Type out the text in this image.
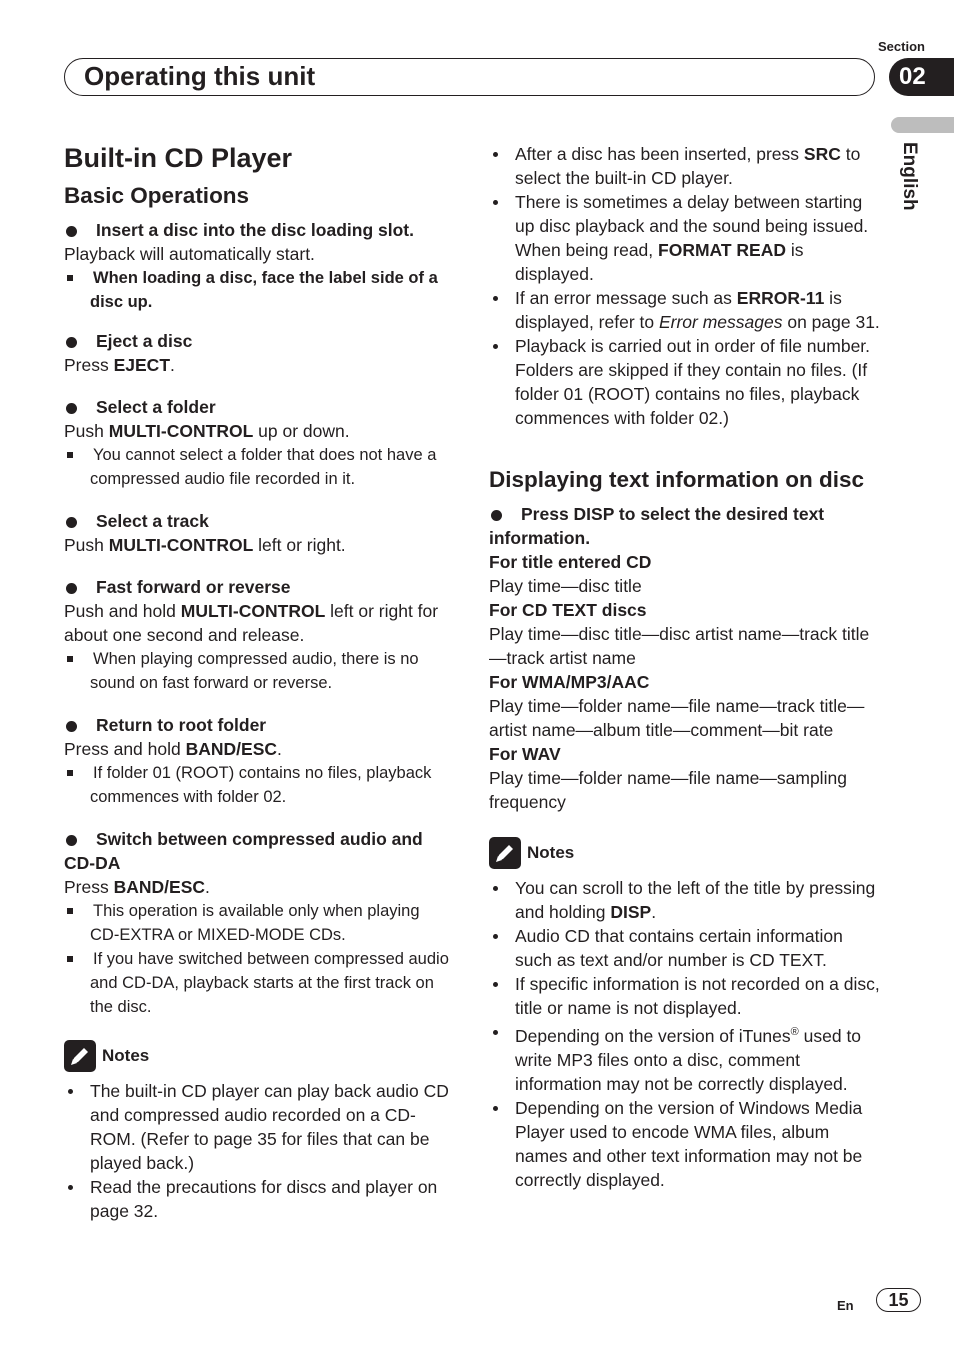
Section
02
Operating this unit
English
Built-in CD Player
Basic Operations

Insert a disc into the disc loading slot.

Playback will automatically start.

When loading a disc, face the label side of a disc up.

Eject a disc

Press EJECT.

Select a folder

Push MULTI-CONTROL up or down.

You cannot select a folder that does not have a compressed audio file recorded in it.

Select a track

Push MULTI-CONTROL left or right.

Fast forward or reverse

Push and hold MULTI-CONTROL left or right for about one second and release.

When playing compressed audio, there is no sound on fast forward or reverse.

Return to root folder

Press and hold BAND/ESC.

If folder 01 (ROOT) contains no files, playback commences with folder 02.

Switch between compressed audio and CD-DA

Press BAND/ESC.

This operation is available only when playing CD-EXTRA or MIXED-MODE CDs.

If you have switched between compressed audio and CD-DA, playback starts at the first track on the disc.

Notes
The built-in CD player can play back audio CD and compressed audio recorded on a CD-ROM. (Refer to page 35 for files that can be played back.)
Read the precautions for discs and player on page 32.
After a disc has been inserted, press SRC to select the built-in CD player.
There is sometimes a delay between starting up disc playback and the sound being issued. When being read, FORMAT READ is displayed.
If an error message such as ERROR-11 is displayed, refer to Error messages on page 31.
Playback is carried out in order of file number. Folders are skipped if they contain no files. (If folder 01 (ROOT) contains no files, playback commences with folder 02.)
Displaying text information on disc

Press DISP to select the desired text information.

For title entered CD

Play time—disc title

For CD TEXT discs

Play time—disc title—disc artist name—track title—track artist name

For WMA/MP3/AAC

Play time—folder name—file name—track title—artist name—album title—comment—bit rate

For WAV

Play time—folder name—file name—sampling frequency

Notes
You can scroll to the left of the title by pressing and holding DISP.
Audio CD that contains certain information such as text and/or number is CD TEXT.
If specific information is not recorded on a disc, title or name is not displayed.
Depending on the version of iTunes® used to write MP3 files onto a disc, comment information may not be correctly displayed.
Depending on the version of Windows Media Player used to encode WMA files, album names and other text information may not be correctly displayed.
En	15
